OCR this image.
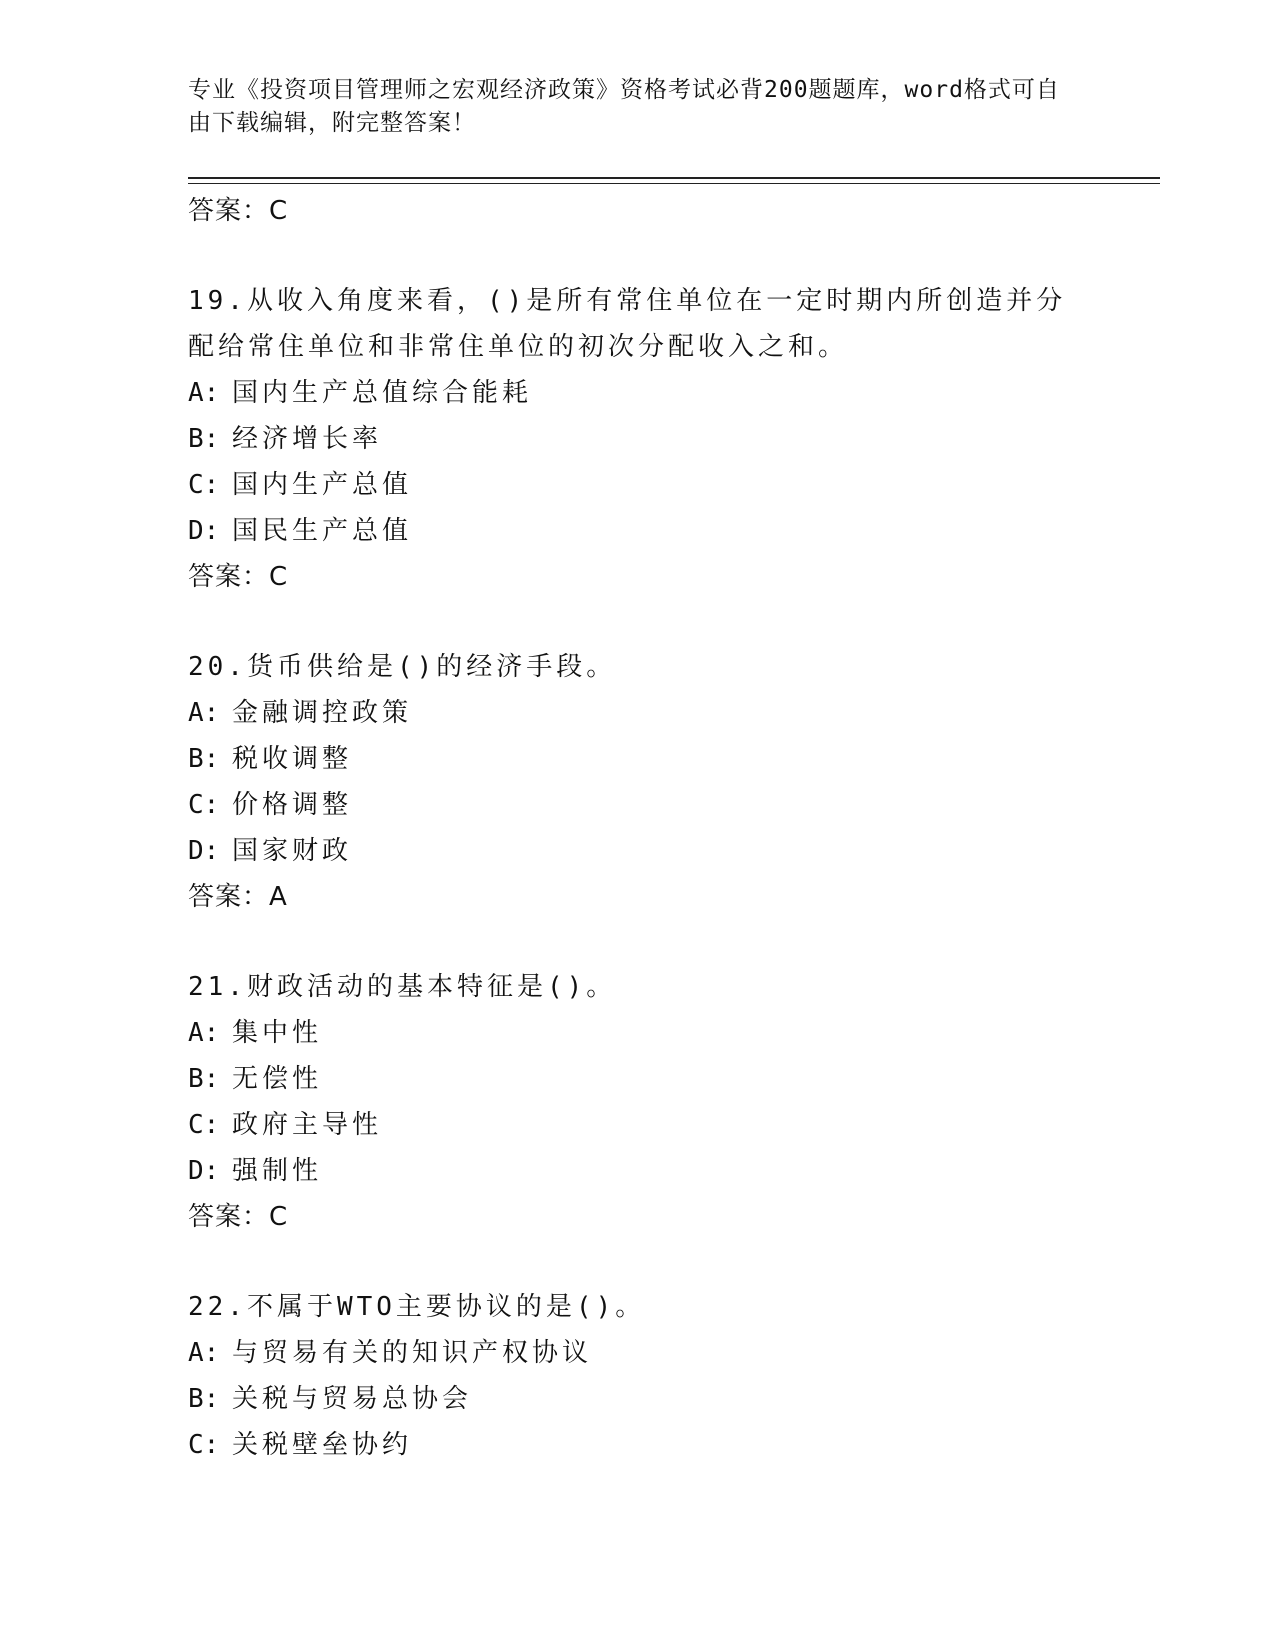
专业《投资项目管理师之宏观经济政策》资格考试必背200题题库，word格式可自由下载编辑，附完整答案！
答案：C
19.从收入角度来看，()是所有常住单位在一定时期内所创造并分配给常住单位和非常住单位的初次分配收入之和。
A: 国内生产总值综合能耗
B: 经济增长率
C: 国内生产总值
D: 国民生产总值
答案：C
20.货币供给是()的经济手段。
A: 金融调控政策
B: 税收调整
C: 价格调整
D: 国家财政
答案：A
21.财政活动的基本特征是()。
A: 集中性
B: 无偿性
C: 政府主导性
D: 强制性
答案：C
22.不属于WTO主要协议的是()。
A: 与贸易有关的知识产权协议
B: 关税与贸易总协会
C: 关税壁垒协约
